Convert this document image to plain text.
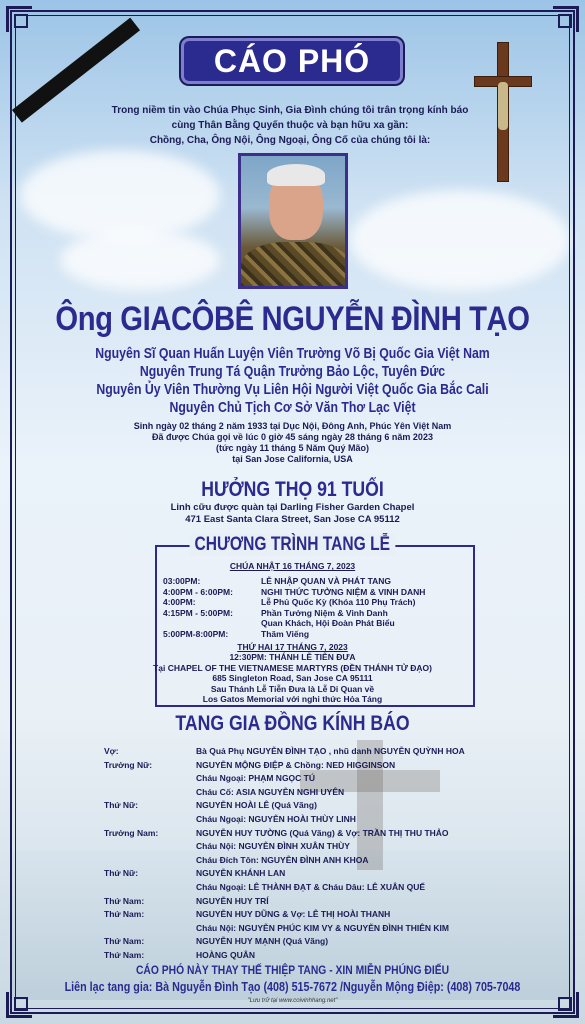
CÁO PHÓ
Trong niềm tin vào Chúa Phục Sinh, Gia Đình chúng tôi trân trọng kính báo
cùng Thân Bằng Quyến thuộc và bạn hữu xa gần:
Chồng, Cha, Ông Nội, Ông Ngoại, Ông Cố của chúng tôi là:
Ông GIACÔBÊ NGUYỄN ĐÌNH TẠO
Nguyên Sĩ Quan Huấn Luyện Viên Trường Võ Bị Quốc Gia Việt Nam
Nguyên Trung Tá Quận Trưởng Bảo Lộc, Tuyên Đức
Nguyên Ủy Viên Thường Vụ Liên Hội Người Việt Quốc Gia Bắc Cali
Nguyên Chủ Tịch Cơ Sở Văn Thơ Lạc Việt
Sinh ngày 02 tháng 2 năm 1933 tại Dục Nội, Đông Anh, Phúc Yên Việt Nam
Đã được Chúa gọi về lúc 0 giờ 45 sáng ngày 28 tháng 6 năm 2023
(tức ngày 11 tháng 5 Năm Quý Mão)
tại San Jose California, USA
HƯỞNG THỌ 91 TUỔI
Linh cữu được quàn tại Darling Fisher Garden Chapel
471 East Santa Clara Street, San Jose CA 95112
CHƯƠNG TRÌNH TANG LỄ
CHÚA NHẬT 16 THÁNG 7, 2023
03:00PM:	LỄ NHẬP QUAN VÀ PHÁT TANG
4:00PM - 6:00PM:	NGHI THỨC TƯỞNG NIỆM & VINH DANH
4:00PM:	Lễ Phủ Quốc Kỳ (Khóa 110 Phụ Trách)
4:15PM - 5:00PM:	Phần Tưởng Niệm & Vinh Danh
Quan Khách, Hội Đoàn Phát Biểu
5:00PM-8:00PM:	Thăm Viếng
THỨ HAI 17 THÁNG 7, 2023
12:30PM: THÁNH LỄ TIỄN ĐƯA
Tại CHAPEL OF THE VIETNAMESE MARTYRS (ĐỀN THÁNH TỬ ĐẠO)
685 Singleton Road, San Jose CA 95111
Sau Thánh Lễ Tiễn Đưa là Lễ Di Quan về
Los Gatos Memorial với nghi thức Hỏa Táng
TANG GIA ĐỒNG KÍNH BÁO
Vợ:	Bà Quả Phụ NGUYỄN ĐÌNH TẠO , nhũ danh NGUYỄN QUỲNH HOA
Trưởng Nữ:	NGUYỄN MỘNG ĐIỆP & Chồng: NED HIGGINSON
Cháu Ngoại: PHẠM NGỌC TÚ
Cháu Cố: ASIA NGUYỄN NGHI UYÊN
Thứ Nữ:	NGUYỄN HOÀI LÊ (Quá Vãng)
Cháu Ngoại: NGUYỄN HOÀI THÙY LINH
Trưởng Nam:	NGUYỄN HUY TƯỜNG (Quá Vãng) & Vợ: TRẦN THỊ THU THẢO
Cháu Nội: NGUYỄN ĐÌNH XUÂN THÙY
Cháu Đích Tôn: NGUYỄN ĐÌNH ANH KHOA
Thứ Nữ:	NGUYỄN KHÁNH LAN
Cháu Ngoại: LÊ THÀNH ĐẠT & Cháu Dâu: LÊ XUÂN QUẾ
Thứ Nam:	NGUYỄN HUY TRÍ
Thứ Nam:	NGUYỄN HUY DŨNG & Vợ: LÊ THỊ HOÀI THANH
Cháu Nội: NGUYỄN PHÚC KIM VY & NGUYỄN ĐÌNH THIÊN KIM
Thứ Nam:	NGUYỄN HUY MẠNH (Quá Vãng)
Thứ Nam:	HOÀNG QUÂN
CÁO PHÓ NÀY THAY THẾ THIỆP TANG - XIN MIỄN PHÚNG ĐIẾU
Liên lạc tang gia: Bà Nguyễn Đình Tạo (408) 515-7672 /Nguyễn Mộng Điệp: (408) 705-7048
"Lưu trữ tại www.coivinhhang.net"
